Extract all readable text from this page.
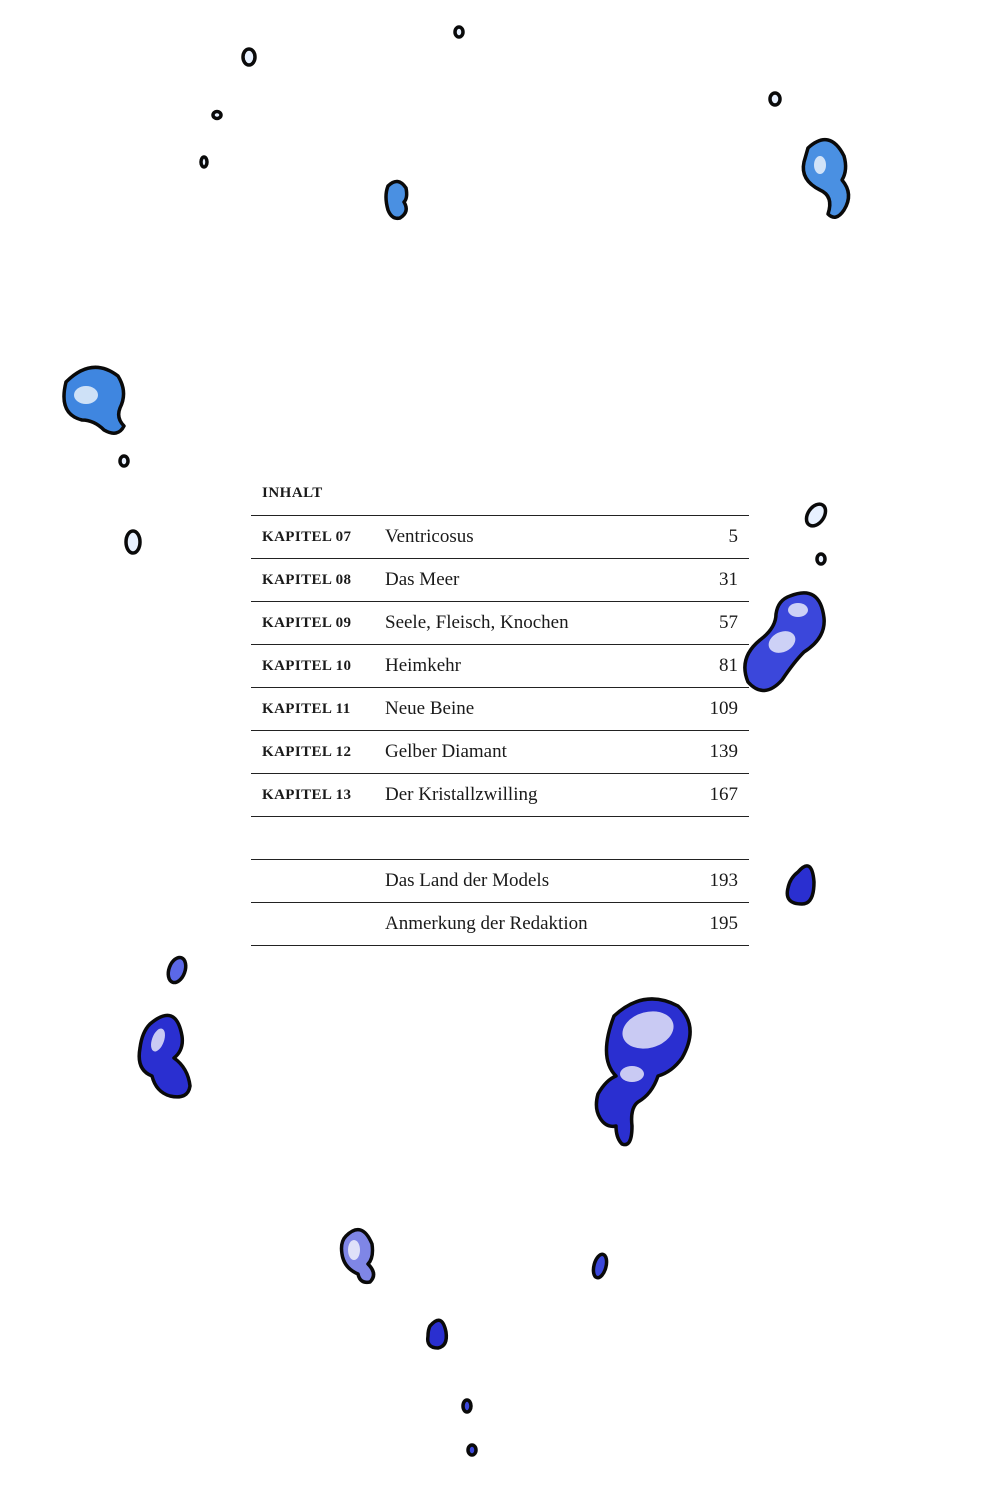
INHALT
KAPITEL 07	Ventricosus	5
KAPITEL 08	Das Meer	31
KAPITEL 09	Seele, Fleisch, Knochen	57
KAPITEL 10	Heimkehr	81
KAPITEL 11	Neue Beine	109
KAPITEL 12	Gelber Diamant	139
KAPITEL 13	Der Kristallzwilling	167
Das Land der Models	193
Anmerkung der Redaktion	195
